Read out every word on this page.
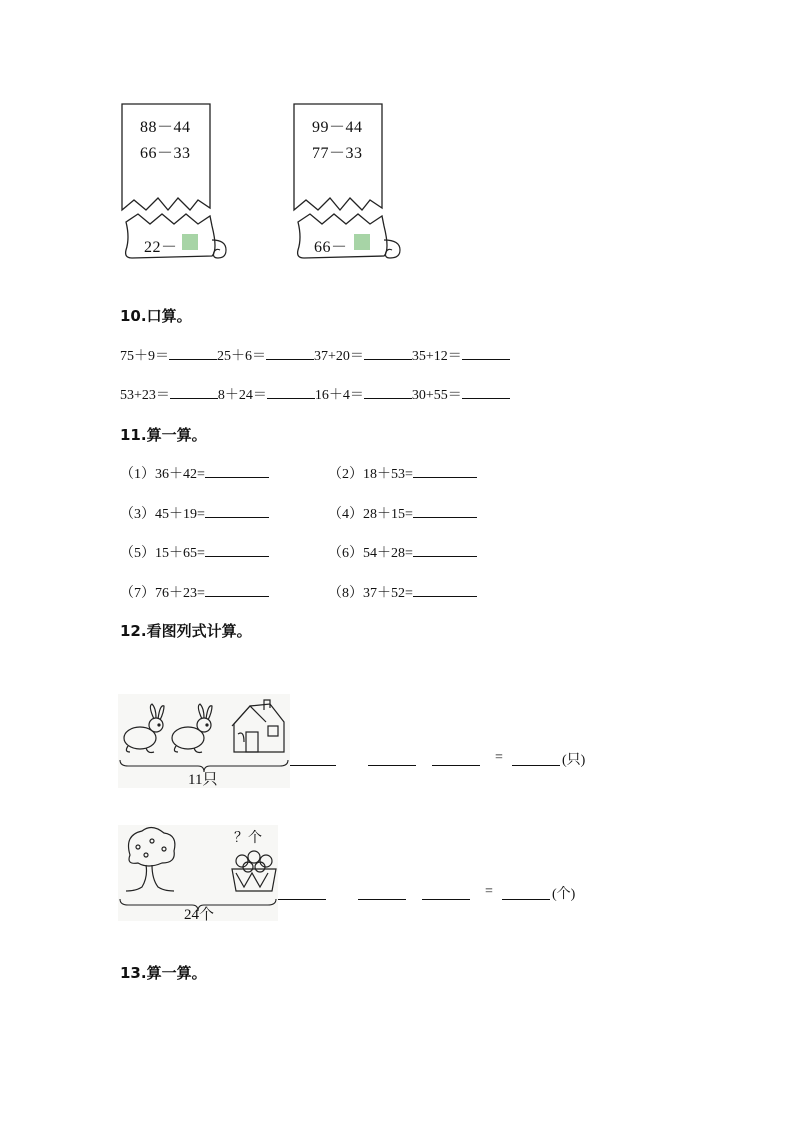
88－44
66－33
22－
99－44
77－33
66－
10.口算。
75＋9＝	25＋6＝	37+20＝	35+12＝
53+23＝	8＋24＝	16＋4＝	30+55＝
11.算一算。
（1）36＋42=	（2）18＋53=
（3）45＋19=	（4）28＋15=
（5）15＋65=	（6）54＋28=
（7）76＋23=	（8）37＋52=
12.看图列式计算。
11只
=	(只)
？个
24个
=	(个)
13.算一算。
